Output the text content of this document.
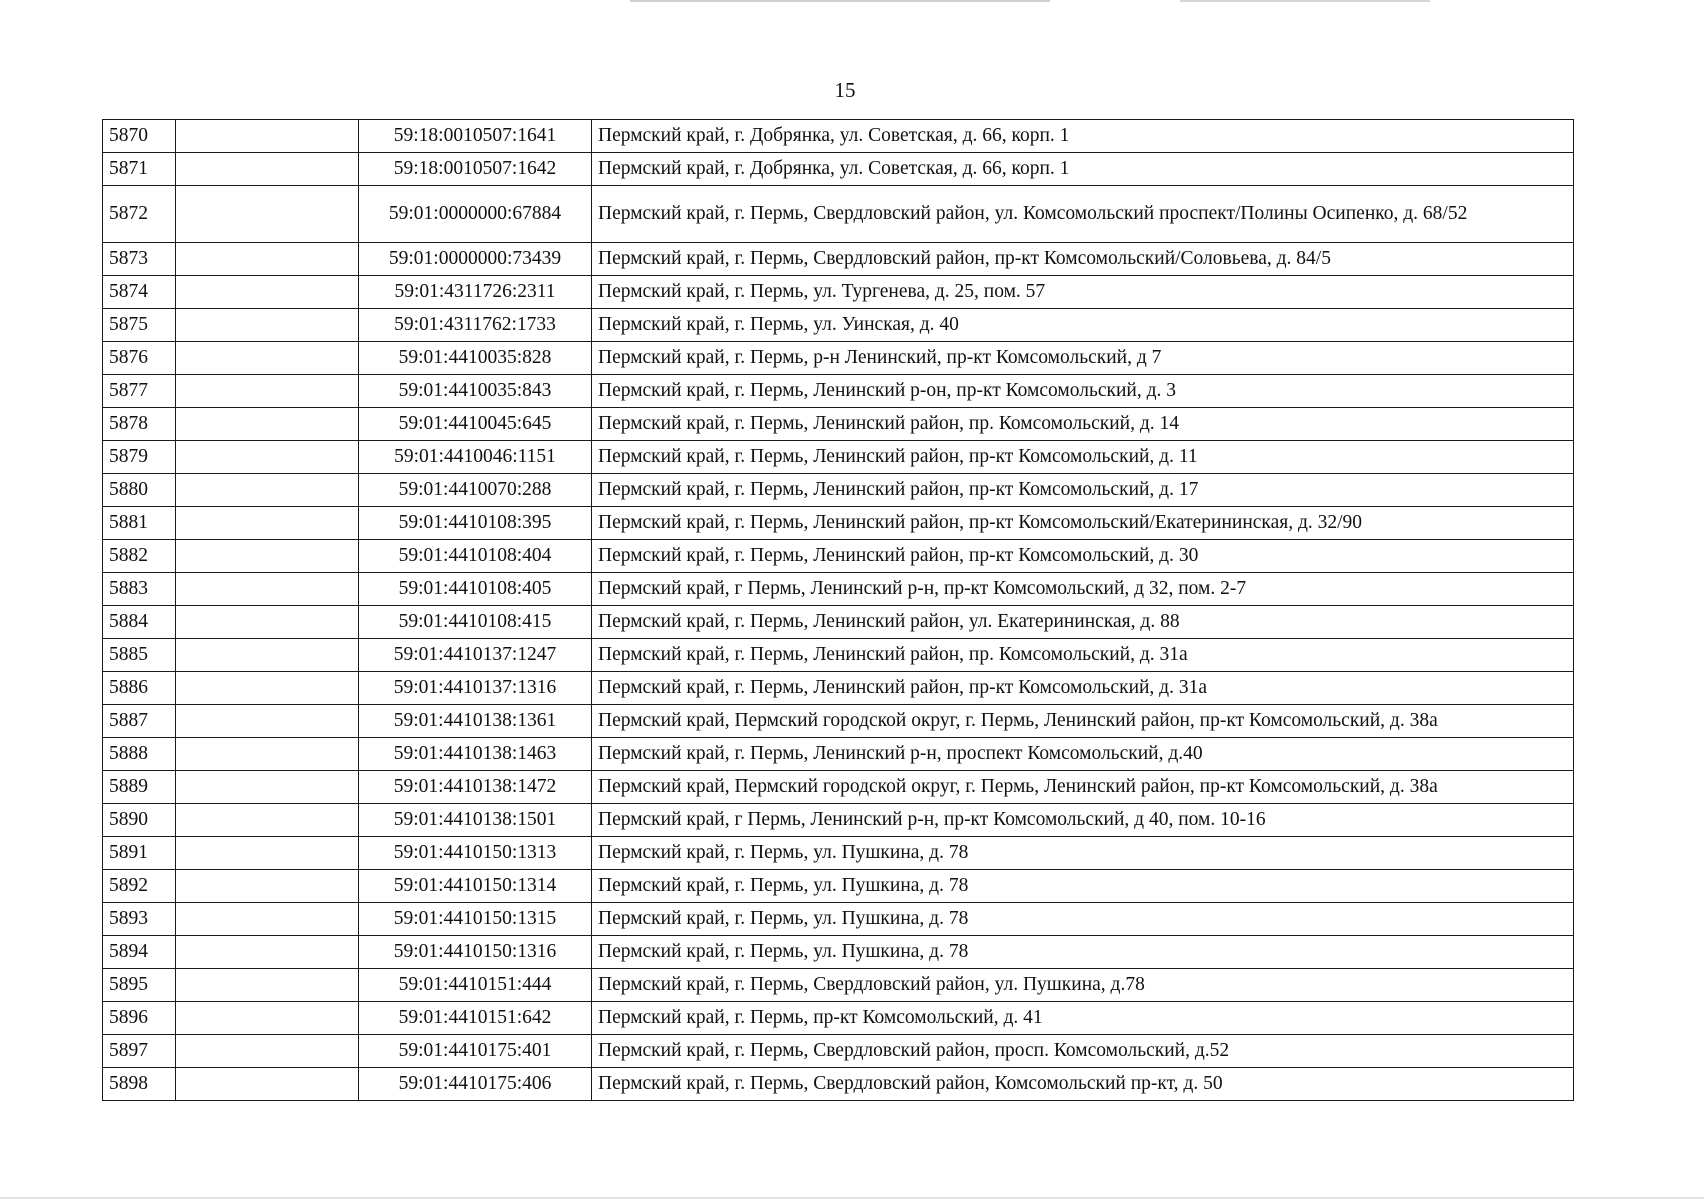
15
5870		59:18:0010507:1641	Пермский край, г. Добрянка, ул. Советская, д. 66, корп. 1
5871		59:18:0010507:1642	Пермский край, г. Добрянка, ул. Советская, д. 66, корп. 1
5872		59:01:0000000:67884	Пермский край, г. Пермь, Свердловский район, ул. Комсомольский проспект/Полины Осипенко, д. 68/52
5873		59:01:0000000:73439	Пермский край, г. Пермь, Свердловский район, пр-кт Комсомольский/Соловьева, д. 84/5
5874		59:01:4311726:2311	Пермский край, г. Пермь, ул. Тургенева, д. 25, пом. 57
5875		59:01:4311762:1733	Пермский край, г. Пермь, ул. Уинская, д. 40
5876		59:01:4410035:828	Пермский край, г. Пермь, р-н Ленинский, пр-кт Комсомольский, д 7
5877		59:01:4410035:843	Пермский край, г. Пермь, Ленинский р-он, пр-кт Комсомольский, д. 3
5878		59:01:4410045:645	Пермский край, г. Пермь, Ленинский район, пр. Комсомольский, д. 14
5879		59:01:4410046:1151	Пермский край, г. Пермь, Ленинский район, пр-кт Комсомольский, д. 11
5880		59:01:4410070:288	Пермский край, г. Пермь, Ленинский район, пр-кт Комсомольский, д. 17
5881		59:01:4410108:395	Пермский край, г. Пермь, Ленинский район, пр-кт Комсомольский/Екатерининская, д. 32/90
5882		59:01:4410108:404	Пермский край, г. Пермь, Ленинский район, пр-кт Комсомольский, д. 30
5883		59:01:4410108:405	Пермский край, г Пермь, Ленинский р-н, пр-кт Комсомольский, д 32, пом. 2-7
5884		59:01:4410108:415	Пермский край, г. Пермь, Ленинский район, ул. Екатерининская, д. 88
5885		59:01:4410137:1247	Пермский край, г. Пермь, Ленинский район, пр. Комсомольский, д. 31а
5886		59:01:4410137:1316	Пермский край, г. Пермь, Ленинский район, пр-кт Комсомольский, д. 31а
5887		59:01:4410138:1361	Пермский край, Пермский городской округ, г. Пермь, Ленинский район, пр-кт Комсомольский, д. 38а
5888		59:01:4410138:1463	Пермский край, г. Пермь, Ленинский р-н, проспект Комсомольский, д.40
5889		59:01:4410138:1472	Пермский край, Пермский городской округ, г. Пермь, Ленинский район, пр-кт Комсомольский, д. 38а
5890		59:01:4410138:1501	Пермский край, г Пермь, Ленинский р-н, пр-кт Комсомольский, д 40, пом. 10-16
5891		59:01:4410150:1313	Пермский край, г. Пермь, ул. Пушкина, д. 78
5892		59:01:4410150:1314	Пермский край, г. Пермь, ул. Пушкина, д. 78
5893		59:01:4410150:1315	Пермский край, г. Пермь, ул. Пушкина, д. 78
5894		59:01:4410150:1316	Пермский край, г. Пермь, ул. Пушкина, д. 78
5895		59:01:4410151:444	Пермский край, г. Пермь, Свердловский район, ул. Пушкина, д.78
5896		59:01:4410151:642	Пермский край, г. Пермь, пр-кт Комсомольский, д. 41
5897		59:01:4410175:401	Пермский край, г. Пермь, Свердловский район, просп. Комсомольский, д.52
5898		59:01:4410175:406	Пермский край, г. Пермь, Свердловский район, Комсомольский пр-кт, д. 50
